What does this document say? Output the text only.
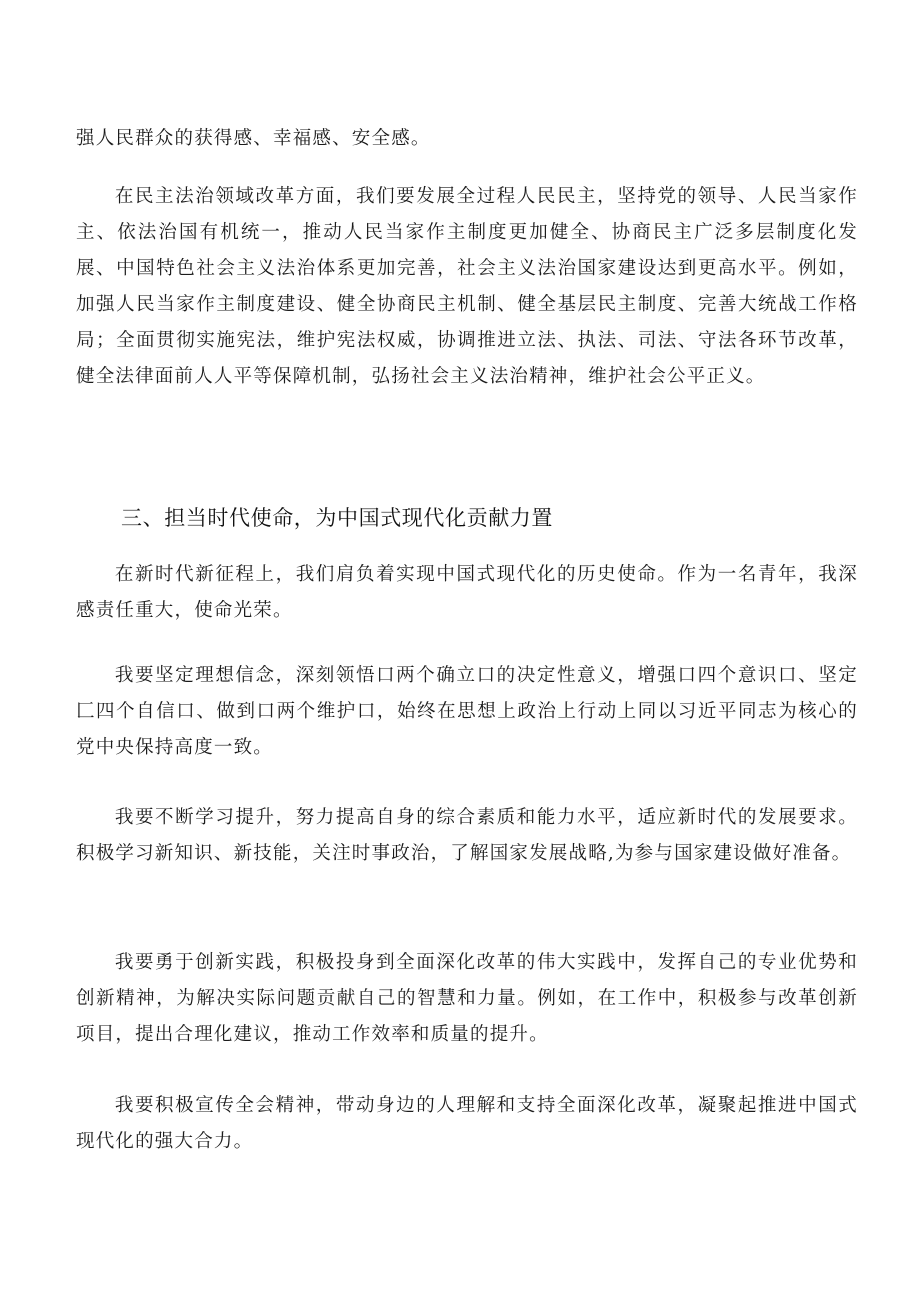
强人民群众的获得感、幸福感、安全感。

在民主法治领域改革方面，我们要发展全过程人民民主，坚持党的领导、人民当家作主、依法治国有机统一，推动人民当家作主制度更加健全、协商民主广泛多层制度化发展、中国特色社会主义法治体系更加完善，社会主义法治国家建设达到更高水平。例如，加强人民当家作主制度建设、健全协商民主机制、健全基层民主制度、完善大统战工作格局；全面贯彻实施宪法，维护宪法权威，协调推进立法、执法、司法、守法各环节改革，健全法律面前人人平等保障机制，弘扬社会主义法治精神，维护社会公平正义。

三、担当时代使命，为中国式现代化贡献力置

在新时代新征程上，我们肩负着实现中国式现代化的历史使命。作为一名青年，我深感责任重大，使命光荣。

我要坚定理想信念，深刻领悟口两个确立口的决定性意义，增强口四个意识口、坚定匚四个自信口、做到口两个维护口，始终在思想上政治上行动上同以习近平同志为核心的党中央保持高度一致。

我要不断学习提升，努力提高自身的综合素质和能力水平，适应新时代的发展要求。积极学习新知识、新技能，关注时事政治，了解国家发展战略,为参与国家建设做好准备。

我要勇于创新实践，积极投身到全面深化改革的伟大实践中，发挥自己的专业优势和创新精神，为解决实际问题贡献自己的智慧和力量。例如，在工作中，积极参与改革创新项目，提出合理化建议，推动工作效率和质量的提升。

我要积极宣传全会精神，带动身边的人理解和支持全面深化改革，凝聚起推进中国式现代化的强大合力。
